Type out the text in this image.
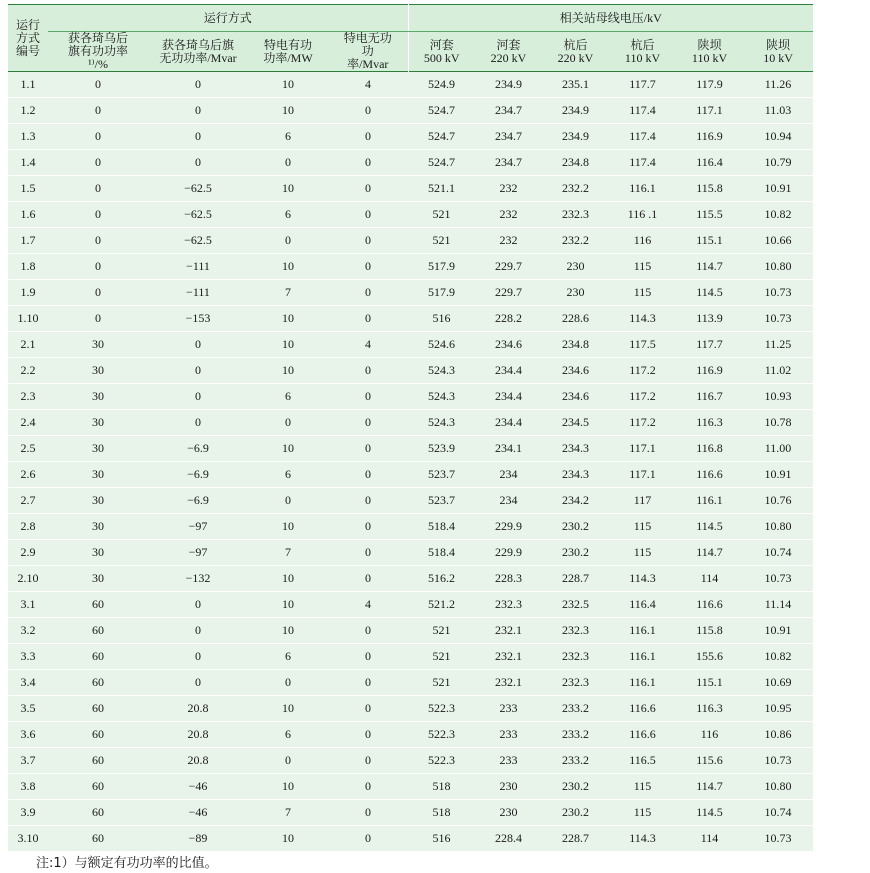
运行方式编号	运行方式				相关站母线电压/kV					
	获各琦乌后旗有功功率¹⁾/%	获各琦乌后旗无功功率/Mvar	特电有功功率/MW	特电无功功率/Mvar	河套 500 kV	河套 220 kV	杭后 220 kV	杭后 110 kV	陕坝 110 kV	陕坝 10 kV
1.1	0	0	10	4	524.9	234.9	235.1	117.7	117.9	11.26
1.2	0	0	10	0	524.7	234.7	234.9	117.4	117.1	11.03
1.3	0	0	6	0	524.7	234.7	234.9	117.4	116.9	10.94
1.4	0	0	0	0	524.7	234.7	234.8	117.4	116.4	10.79
1.5	0	−62.5	10	0	521.1	232	232.2	116.1	115.8	10.91
1.6	0	−62.5	6	0	521	232	232.3	116 .1	115.5	10.82
1.7	0	−62.5	0	0	521	232	232.2	116	115.1	10.66
1.8	0	−111	10	0	517.9	229.7	230	115	114.7	10.80
1.9	0	−111	7	0	517.9	229.7	230	115	114.5	10.73
1.10	0	−153	10	0	516	228.2	228.6	114.3	113.9	10.73
2.1	30	0	10	4	524.6	234.6	234.8	117.5	117.7	11.25
2.2	30	0	10	0	524.3	234.4	234.6	117.2	116.9	11.02
2.3	30	0	6	0	524.3	234.4	234.6	117.2	116.7	10.93
2.4	30	0	0	0	524.3	234.4	234.5	117.2	116.3	10.78
2.5	30	−6.9	10	0	523.9	234.1	234.3	117.1	116.8	11.00
2.6	30	−6.9	6	0	523.7	234	234.3	117.1	116.6	10.91
2.7	30	−6.9	0	0	523.7	234	234.2	117	116.1	10.76
2.8	30	−97	10	0	518.4	229.9	230.2	115	114.5	10.80
2.9	30	−97	7	0	518.4	229.9	230.2	115	114.7	10.74
2.10	30	−132	10	0	516.2	228.3	228.7	114.3	114	10.73
3.1	60	0	10	4	521.2	232.3	232.5	116.4	116.6	11.14
3.2	60	0	10	0	521	232.1	232.3	116.1	115.8	10.91
3.3	60	0	6	0	521	232.1	232.3	116.1	155.6	10.82
3.4	60	0	0	0	521	232.1	232.3	116.1	115.1	10.69
3.5	60	20.8	10	0	522.3	233	233.2	116.6	116.3	10.95
3.6	60	20.8	6	0	522.3	233	233.2	116.6	116	10.86
3.7	60	20.8	0	0	522.3	233	233.2	116.5	115.6	10.73
3.8	60	−46	10	0	518	230	230.2	115	114.7	10.80
3.9	60	−46	7	0	518	230	230.2	115	114.5	10.74
3.10	60	−89	10	0	516	228.4	228.7	114.3	114	10.73
注:1）与额定有功功率的比值。
